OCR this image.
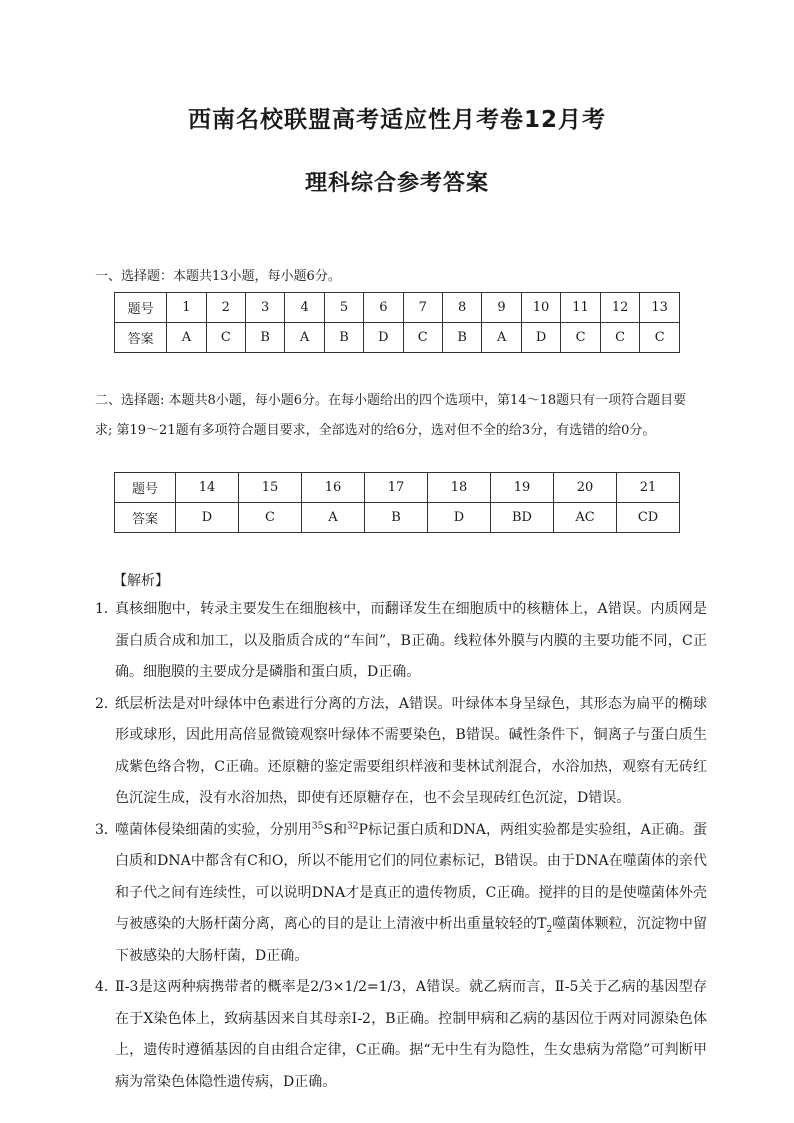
西南名校联盟高考适应性月考卷12月考
理科综合参考答案
一、选择题：本题共13小题，每小题6分。
题号	1	2	3	4	5	6	7	8	9	10	11	12	13
答案	A	C	B	A	B	D	C	B	A	D	C	C	C
二、选择题: 本题共8小题，每小题6分。在每小题给出的四个选项中，第14～18题只有一项符合题目要求; 第19～21题有多项符合题目要求，全部选对的给6分，选对但不全的给3分，有选错的给0分。
题号	14	15	16	17	18	19	20	21
答案	D	C	A	B	D	BD	AC	CD
【解析】
1．
真核细胞中，转录主要发生在细胞核中，而翻译发生在细胞质中的核糖体上，A错误。内质网是蛋白质合成和加工，以及脂质合成的“车间”，B正确。线粒体外膜与内膜的主要功能不同，C正确。细胞膜的主要成分是磷脂和蛋白质，D正确。
2．
纸层析法是对叶绿体中色素进行分离的方法，A错误。叶绿体本身呈绿色，其形态为扁平的椭球形或球形，因此用高倍显微镜观察叶绿体不需要染色，B错误。碱性条件下，铜离子与蛋白质生成紫色络合物，C正确。还原糖的鉴定需要组织样液和斐林试剂混合，水浴加热，观察有无砖红色沉淀生成，没有水浴加热，即使有还原糖存在，也不会呈现砖红色沉淀，D错误。
3．
噬菌体侵染细菌的实验，分别用$^{35}$S和$^{32}$P标记蛋白质和DNA，两组实验都是实验组，A正确。蛋白质和DNA中都含有C和O，所以不能用它们的同位素标记，B错误。由于DNA在噬菌体的亲代和子代之间有连续性，可以说明DNA才是真正的遗传物质，C正确。搅拌的目的是使噬菌体外壳与被感染的大肠杆菌分离，离心的目的是让上清液中析出重量较轻的$T_2$噬菌体颗粒，沉淀物中留下被感染的大肠杆菌，D正确。
4．
Ⅱ-3是这两种病携带者的概率是2/3×1/2=1/3，A错误。就乙病而言，Ⅱ-5关于乙病的基因型存在于X染色体上，致病基因来自其母亲Ⅰ-2，B正确。控制甲病和乙病的基因位于两对同源染色体上，遗传时遵循基因的自由组合定律，C正确。据“无中生有为隐性，生女患病为常隐”可判断甲病为常染色体隐性遗传病，D正确。
